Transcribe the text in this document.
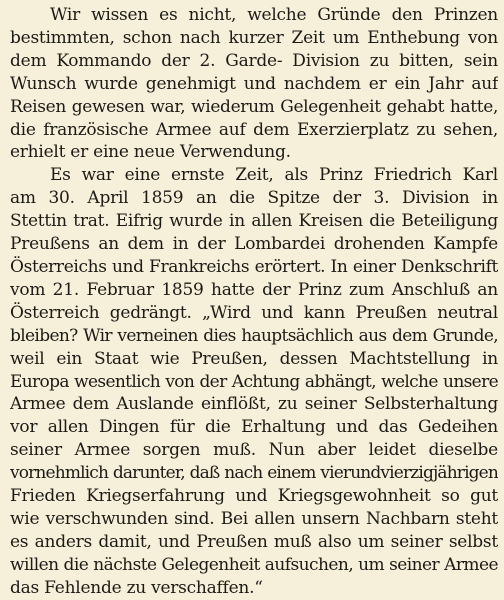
Wir wissen es nicht, welche Gründe den Prinzen
bestimmten, schon nach kurzer Zeit um Enthebung von
dem Kommando der 2. Garde- Division zu bitten, sein
Wunsch wurde genehmigt und nachdem er ein Jahr auf
Reisen gewesen war, wiederum Gelegenheit gehabt hatte,
die französische Armee auf dem Exerzierplatz zu sehen,
erhielt er eine neue Verwendung.
Es war eine ernste Zeit, als Prinz Friedrich Karl
am 30. April 1859 an die Spitze der 3. Division in
Stettin trat. Eifrig wurde in allen Kreisen die Beteiligung
Preußens an dem in der Lombardei drohenden Kampfe
Österreichs und Frankreichs erörtert. In einer Denkschrift
vom 21. Februar 1859 hatte der Prinz zum Anschluß an
Österreich gedrängt. „Wird und kann Preußen neutral
bleiben? Wir verneinen dies hauptsächlich aus dem Grunde,
weil ein Staat wie Preußen, dessen Machtstellung in
Europa wesentlich von der Achtung abhängt, welche unsere
Armee dem Auslande einflößt, zu seiner Selbsterhaltung
vor allen Dingen für die Erhaltung und das Gedeihen
seiner Armee sorgen muß. Nun aber leidet dieselbe
vornehmlich darunter, daß nach einem vierundvierzigjährigen
Frieden Kriegserfahrung und Kriegsgewohnheit so gut
wie verschwunden sind. Bei allen unsern Nachbarn steht
es anders damit, und Preußen muß also um seiner selbst
willen die nächste Gelegenheit aufsuchen, um seiner Armee
das Fehlende zu verschaffen.“
